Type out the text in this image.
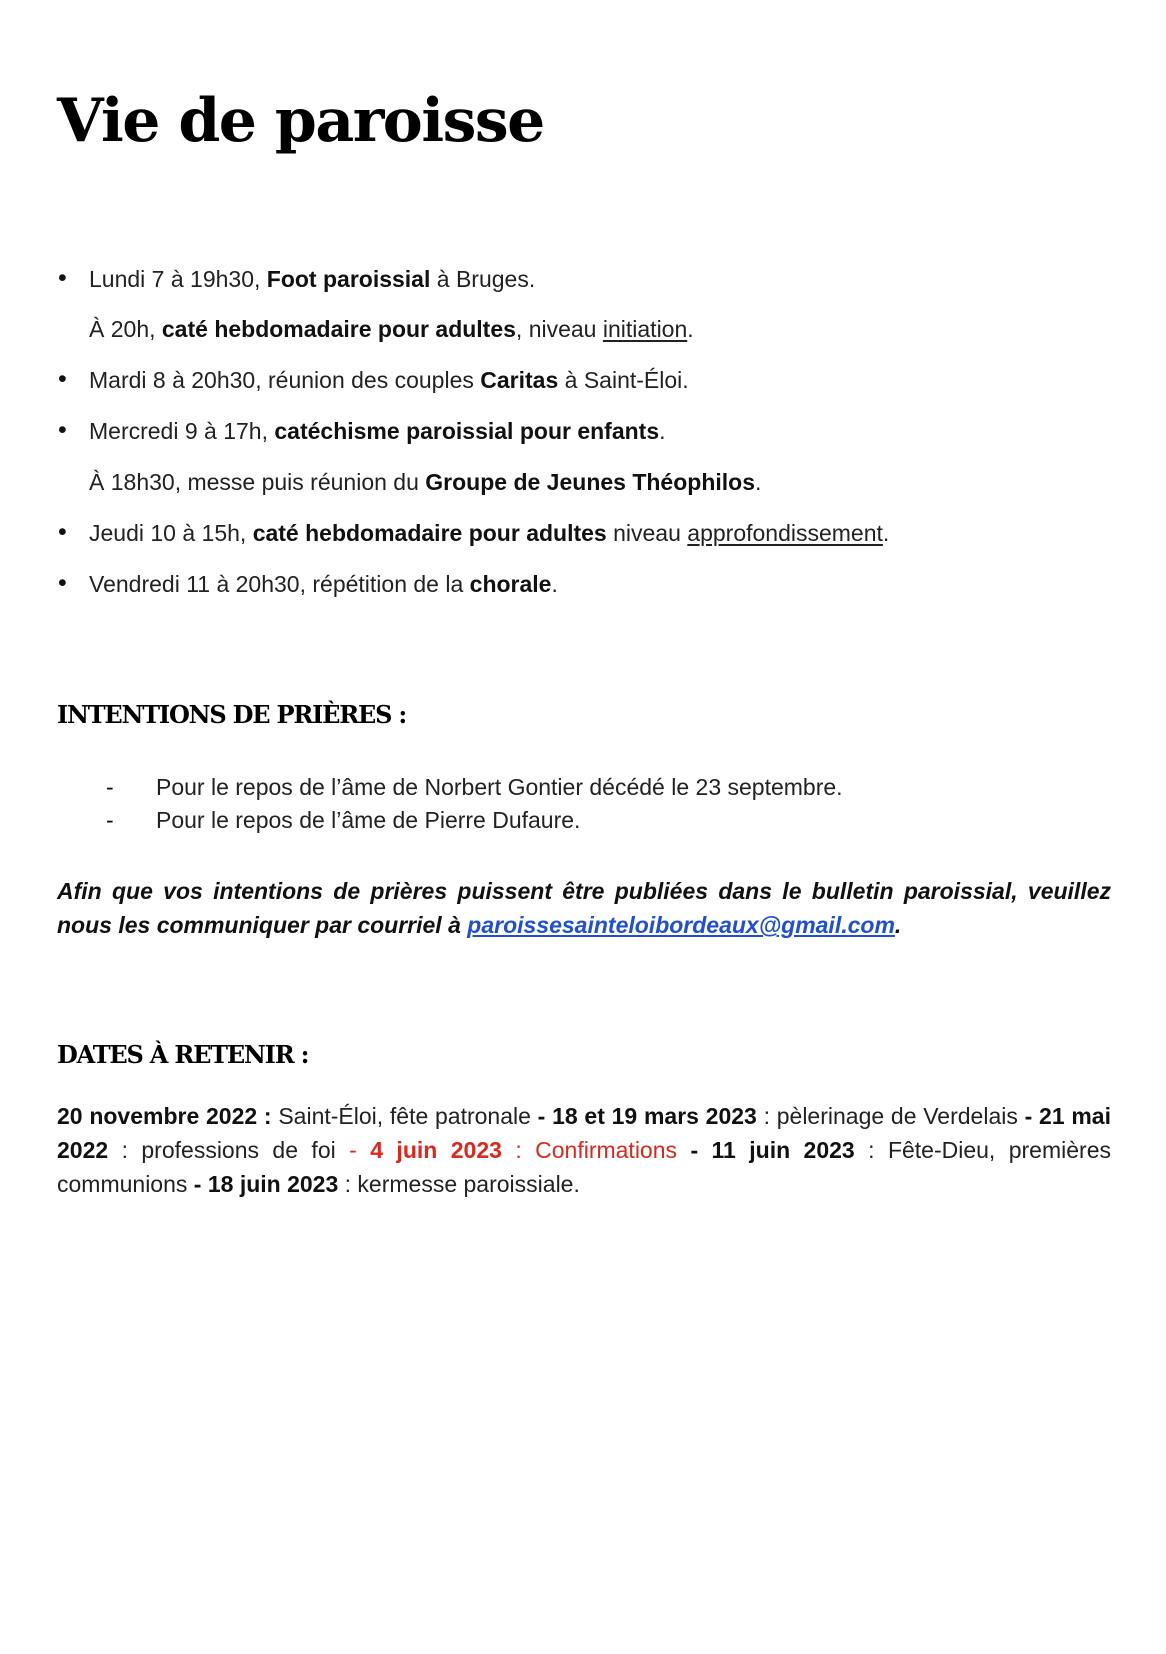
Vie de paroisse
• Lundi 7 à 19h30, Foot paroissial à Bruges.
À 20h, caté hebdomadaire pour adultes, niveau initiation.
• Mardi 8 à 20h30, réunion des couples Caritas à Saint-Éloi.
• Mercredi 9 à 17h, catéchisme paroissial pour enfants.
À 18h30, messe puis réunion du Groupe de Jeunes Théophilos.
• Jeudi 10 à 15h, caté hebdomadaire pour adultes niveau approfondissement.
• Vendredi 11 à 20h30, répétition de la chorale.
INTENTIONS DE PRIÈRES :
- Pour le repos de l’âme de Norbert Gontier décédé le 23 septembre.
- Pour le repos de l’âme de Pierre Dufaure.

Afin que vos intentions de prières puissent être publiées dans le bulletin paroissial, veuillez nous les communiquer par courriel à paroissesainteloibordeaux@gmail.com.

DATES À RETENIR :

20 novembre 2022 : Saint-Éloi, fête patronale - 18 et 19 mars 2023 : pèlerinage de Verdelais - 21 mai 2022 : professions de foi - 4 juin 2023 : Confirmations - 11 juin 2023 : Fête-Dieu, premières communions - 18 juin 2023 : kermesse paroissiale.
